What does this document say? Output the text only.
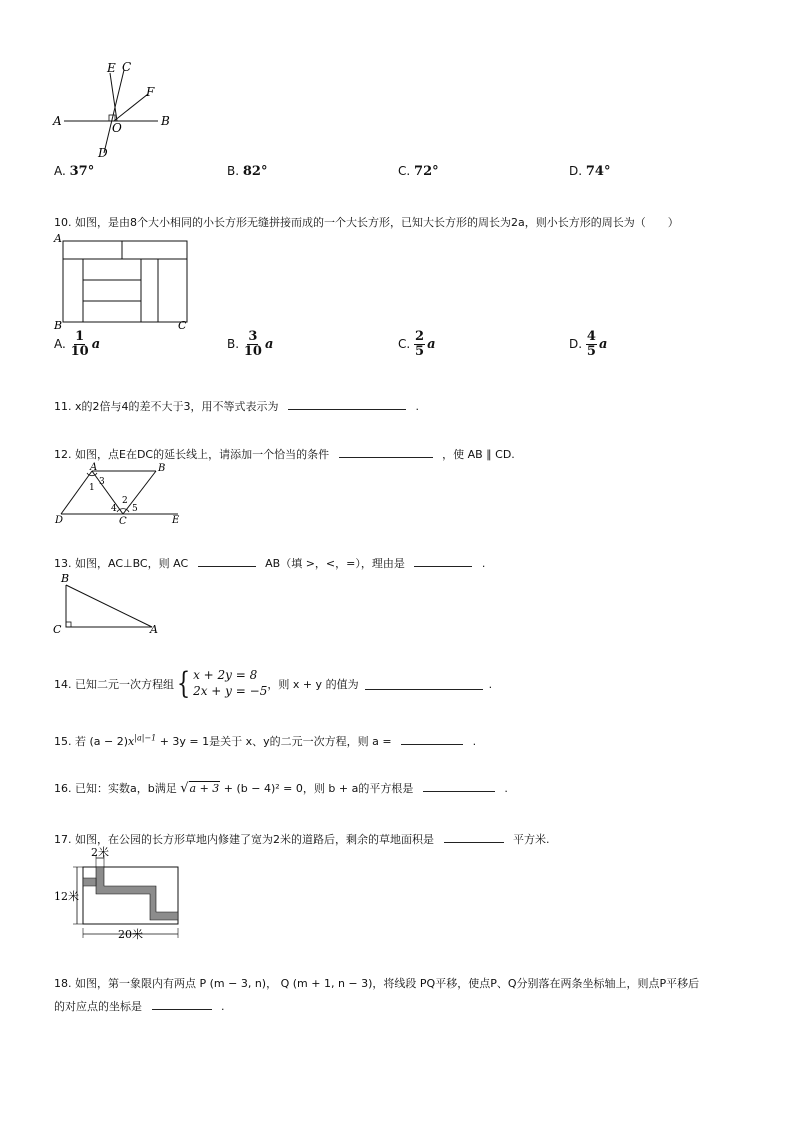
E C
F
A	O	B
D
A. 37°	B. 82°	C. 72°	D. 74°
10. 如图，是由8个大小相同的小长方形无缝拼接而成的一个大长方形，已知大长方形的周长为2a，则小长方形的周长为（　　）
A
B	C
A. $\frac{1}{10}$ a	B. $\frac{3}{10}$ a	C. $\frac{2}{5}$ a	D. $\frac{4}{5}$ a
11. x的2倍与4的差不大于3，用不等式表示为	.
12. 如图，点E在DC的延长线上，请添加一个恰当的条件	，使 AB ∥ CD.
A	B
D	C	E
1
3
2
4 5
13. 如图，AC⊥BC，则 AC	AB（填 >，<，=），理由是	.
B
C	A
14. 已知二元一次方程组 { x + 2y = 8
2x + y = −5 ，则 x + y 的值为	.
15. 若 $(a - 2)x^{|a|-1} + 3y = 1$是关于 x、y的二元一次方程，则 a =	.
16. 已知：实数a，b满足 √a + 3 + (b − 4)² = 0，则 b + a的平方根是	.
17. 如图，在公园的长方形草地内修建了宽为2米的道路后，剩余的草地面积是	平方米.
2米
12米
20米
18. 如图，第一象限内有两点 P (m − 3, n)， Q (m + 1, n − 3)，将线段 PQ平移，使点P、Q分别落在两条坐标轴上，则点P平移后
的对应点的坐标是	.
